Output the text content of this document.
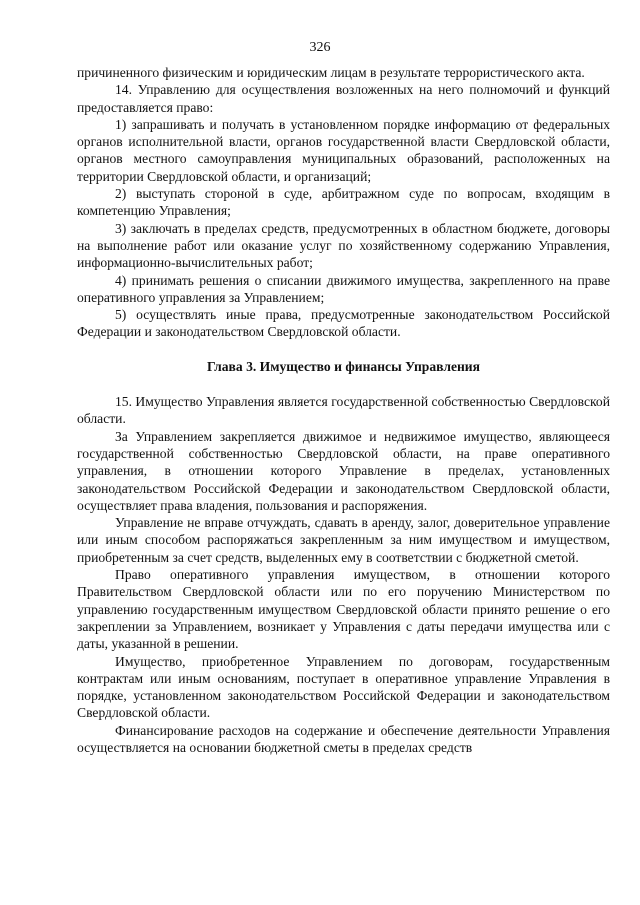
326

причиненного физическим и юридическим лицам в результате террористического акта.

14. Управлению для осуществления возложенных на него полномочий и функций предоставляется право:

1) запрашивать и получать в установленном порядке информацию от федеральных органов исполнительной власти, органов государственной власти Свердловской области, органов местного самоуправления муниципальных образований, расположенных на территории Свердловской области, и организаций;

2) выступать стороной в суде, арбитражном суде по вопросам, входящим в компетенцию Управления;

3) заключать в пределах средств, предусмотренных в областном бюджете, договоры на выполнение работ или оказание услуг по хозяйственному содержанию Управления, информационно-вычислительных работ;

4) принимать решения о списании движимого имущества, закрепленного на праве оперативного управления за Управлением;

5) осуществлять иные права, предусмотренные законодательством Российской Федерации и законодательством Свердловской области.

Глава 3. Имущество и финансы Управления

15. Имущество Управления является государственной собственностью Свердловской области.

За Управлением закрепляется движимое и недвижимое имущество, являющееся государственной собственностью Свердловской области, на праве оперативного управления, в отношении которого Управление в пределах, установленных законодательством Российской Федерации и законодательством Свердловской области, осуществляет права владения, пользования и распоряжения.

Управление не вправе отчуждать, сдавать в аренду, залог, доверительное управление или иным способом распоряжаться закрепленным за ним имуществом и имуществом, приобретенным за счет средств, выделенных ему в соответствии с бюджетной сметой.

Право оперативного управления имуществом, в отношении которого Правительством Свердловской области или по его поручению Министерством по управлению государственным имуществом Свердловской области принято решение о его закреплении за Управлением, возникает у Управления с даты передачи имущества или с даты, указанной в решении.

Имущество, приобретенное Управлением по договорам, государственным контрактам или иным основаниям, поступает в оперативное управление Управления в порядке, установленном законодательством Российской Федерации и законодательством Свердловской области.

Финансирование расходов на содержание и обеспечение деятельности Управления осуществляется на основании бюджетной сметы в пределах средств
